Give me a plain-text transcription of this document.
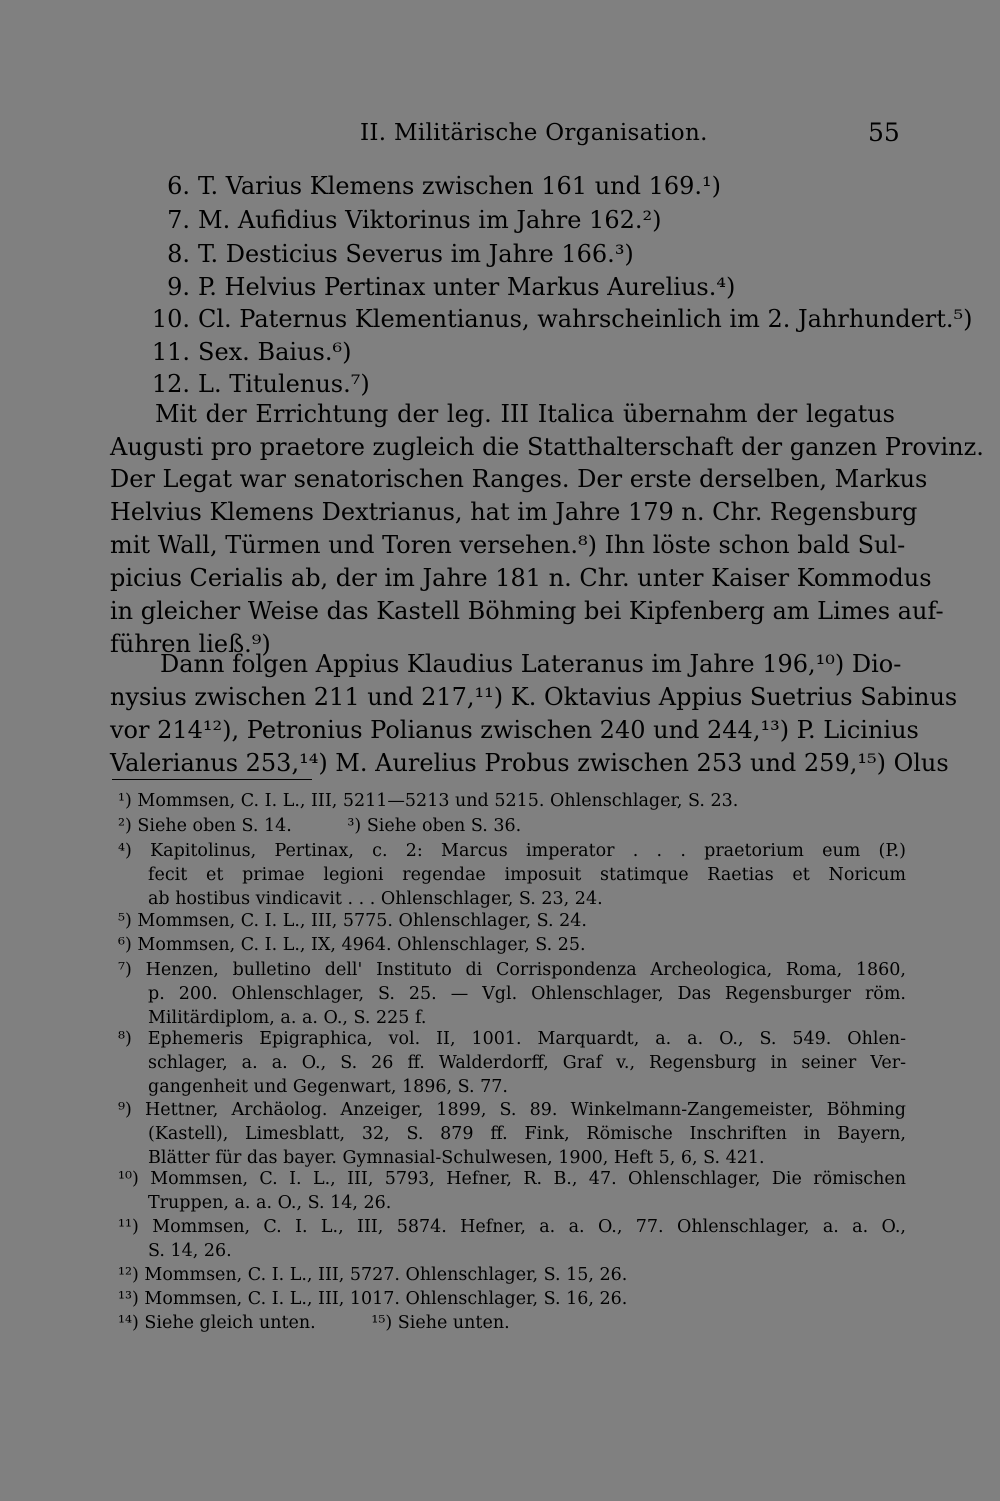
II. Militärische Organisation.	55
6. T. Varius Klemens zwischen 161 und 169.¹)
7. M. Aufidius Viktorinus im Jahre 162.²)
8. T. Desticius Severus im Jahre 166.³)
9. P. Helvius Pertinax unter Markus Aurelius.⁴)
10. Cl. Paternus Klementianus, wahrscheinlich im 2. Jahrhundert.⁵)
11. Sex. Baius.⁶)
12. L. Titulenus.⁷)
Mit der Errichtung der leg. III Italica übernahm der legatus
Augusti pro praetore zugleich die Statthalterschaft der ganzen Provinz.
Der Legat war senatorischen Ranges. Der erste derselben, Markus
Helvius Klemens Dextrianus, hat im Jahre 179 n. Chr. Regensburg
mit Wall, Türmen und Toren versehen.⁸) Ihn löste schon bald Sul-
picius Cerialis ab, der im Jahre 181 n. Chr. unter Kaiser Kommodus
in gleicher Weise das Kastell Böhming bei Kipfenberg am Limes auf-
führen ließ.⁹)
Dann folgen Appius Klaudius Lateranus im Jahre 196,¹⁰) Dio-
nysius zwischen 211 und 217,¹¹) K. Oktavius Appius Suetrius Sabinus
vor 214¹²), Petronius Polianus zwischen 240 und 244,¹³) P. Licinius
Valerianus 253,¹⁴) M. Aurelius Probus zwischen 253 und 259,¹⁵) Olus
¹) Mommsen, C. I. L., III, 5211—5213 und 5215. Ohlenschlager, S. 23.
²) Siehe oben S. 14.          ³) Siehe oben S. 36.
⁴) Kapitolinus, Pertinax, c. 2: Marcus imperator . . . praetorium eum (P.)
fecit et primae legioni regendae imposuit statimque Raetias et Noricum
ab hostibus vindicavit . . . Ohlenschlager, S. 23, 24.
⁵) Mommsen, C. I. L., III, 5775. Ohlenschlager, S. 24.
⁶) Mommsen, C. I. L., IX, 4964. Ohlenschlager, S. 25.
⁷) Henzen, bulletino dell' Instituto di Corrispondenza Archeologica, Roma, 1860,
p. 200. Ohlenschlager, S. 25. — Vgl. Ohlenschlager, Das Regensburger röm.
Militärdiplom, a. a. O., S. 225 f.
⁸) Ephemeris Epigraphica, vol. II, 1001. Marquardt, a. a. O., S. 549. Ohlen-
schlager, a. a. O., S. 26 ff. Walderdorff, Graf v., Regensburg in seiner Ver-
gangenheit und Gegenwart, 1896, S. 77.
⁹) Hettner, Archäolog. Anzeiger, 1899, S. 89. Winkelmann-Zangemeister, Böhming
(Kastell), Limesblatt, 32, S. 879 ff. Fink, Römische Inschriften in Bayern,
Blätter für das bayer. Gymnasial-Schulwesen, 1900, Heft 5, 6, S. 421.
¹⁰) Mommsen, C. I. L., III, 5793, Hefner, R. B., 47. Ohlenschlager, Die römischen
Truppen, a. a. O., S. 14, 26.
¹¹) Mommsen, C. I. L., III, 5874. Hefner, a. a. O., 77. Ohlenschlager, a. a. O.,
S. 14, 26.
¹²) Mommsen, C. I. L., III, 5727. Ohlenschlager, S. 15, 26.
¹³) Mommsen, C. I. L., III, 1017. Ohlenschlager, S. 16, 26.
¹⁴) Siehe gleich unten.          ¹⁵) Siehe unten.
